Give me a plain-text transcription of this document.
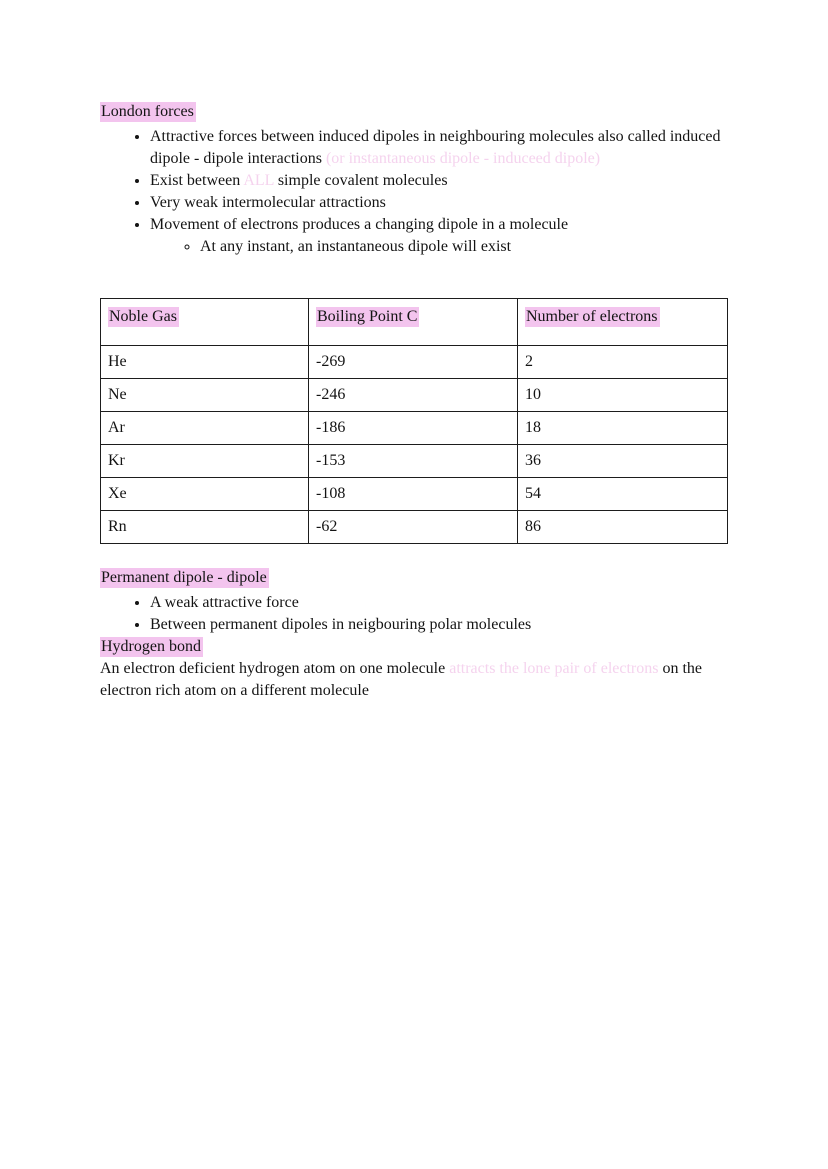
London forces
• Attractive forces between induced dipoles in neighbouring molecules also called induced dipole - dipole interactions (or instantaneous dipole - induceed dipole)
• Exist between ALL simple covalent molecules
• Very weak intermolecular attractions
• Movement of electrons produces a changing dipole in a molecule
◦ At any instant, an instantaneous dipole will exist
Noble Gas	Boiling Point C	Number of electrons
He	-269	2
Ne	-246	10
Ar	-186	18
Kr	-153	36
Xe	-108	54
Rn	-62	86
Permanent dipole - dipole
• A weak attractive force
• Between permanent dipoles in neigbouring polar molecules
Hydrogen bond
An electron deficient hydrogen atom on one molecule attracts the lone pair of electrons on the electron rich atom on a different molecule
